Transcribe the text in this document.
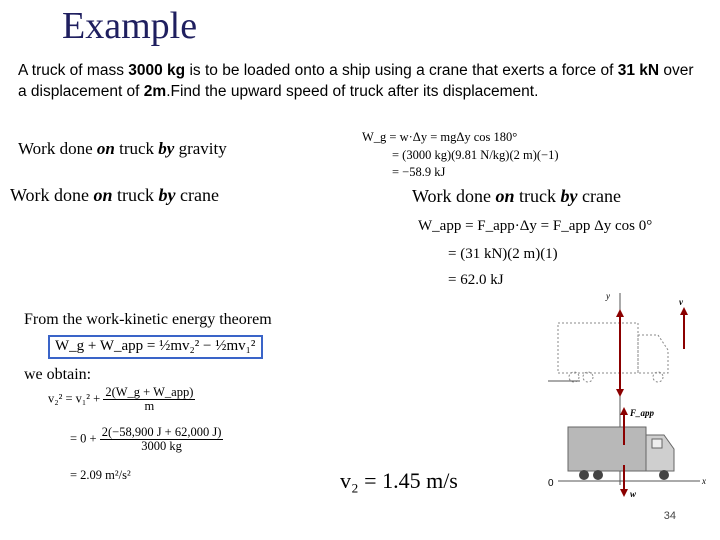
Example
A truck of mass 3000 kg is to be loaded onto a ship using a crane that exerts a force of 31 kN over a displacement of 2m.Find the upward speed of truck after its displacement.
Work done on truck by gravity
W_g = w·Δy = mgΔy cos 180°
= (3000 kg)(9.81 N/kg)(2 m)(−1)
= −58.9 kJ
Work done on truck by crane	Work done on truck by crane
W_app = F_app·Δy = F_app Δy cos 0°
= (31 kN)(2 m)(1)
= 62.0 kJ
From the work-kinetic energy theorem
W_g + W_app = ½mv₂² − ½mv₁²
we obtain:
$v_2^2 = v_1^2 + \frac{\text{2(W\_g + W\_app)}}{m}$
= $0 + \frac{2(-58,900 J + 62,000 J)}{3000 kg}$
= 2.09 m²/s²	v₂ = 1.45 m/s
y
x
0
v
F_app
w
34
